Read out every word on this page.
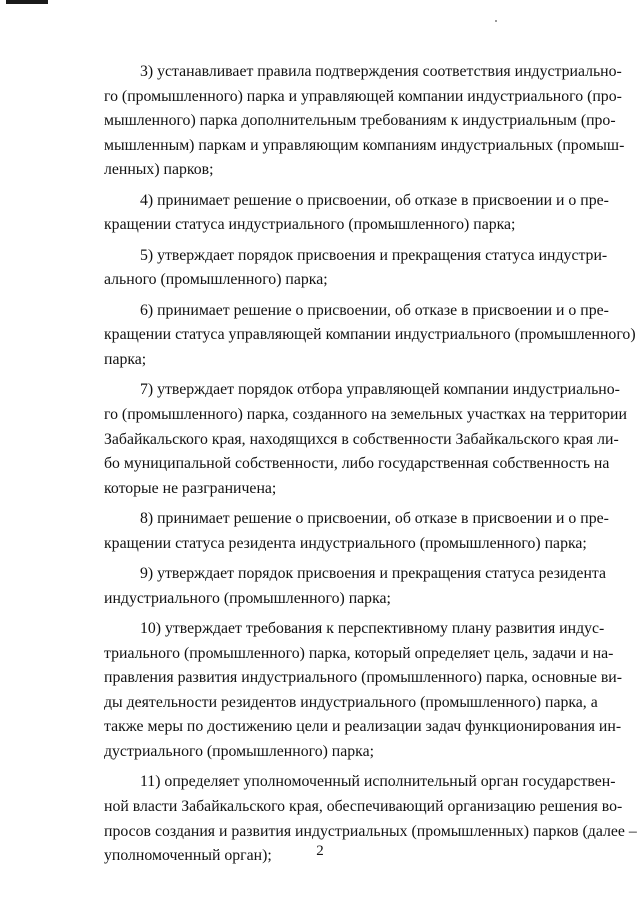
3) устанавливает правила подтверждения соответствия индустриально-
го (промышленного) парка и управляющей компании индустриального (про-
мышленного) парка дополнительным требованиям к индустриальным (про-
мышленным) паркам и управляющим компаниям индустриальных (промыш-
ленных) парков;
4) принимает решение о присвоении, об отказе в присвоении и о пре-
кращении статуса индустриального (промышленного) парка;
5) утверждает порядок присвоения и прекращения статуса индустри-
ального (промышленного) парка;
6) принимает решение о присвоении, об отказе в присвоении и о пре-
кращении статуса управляющей компании индустриального (промышленного)
парка;
7) утверждает порядок отбора управляющей компании индустриально-
го (промышленного) парка, созданного на земельных участках на территории
Забайкальского края, находящихся в собственности Забайкальского края ли-
бо муниципальной собственности, либо государственная собственность на
которые не разграничена;
8) принимает решение о присвоении, об отказе в присвоении и о пре-
кращении статуса резидента индустриального (промышленного) парка;
9) утверждает порядок присвоения и прекращения статуса резидента
индустриального (промышленного) парка;
10) утверждает требования к перспективному плану развития индус-
триального (промышленного) парка, который определяет цель, задачи и на-
правления развития индустриального (промышленного) парка, основные ви-
ды деятельности резидентов индустриального (промышленного) парка, а
также меры по достижению цели и реализации задач функционирования ин-
дустриального (промышленного) парка;
11) определяет уполномоченный исполнительный орган государствен-
ной власти Забайкальского края, обеспечивающий организацию решения во-
просов создания и развития индустриальных (промышленных) парков (далее –
уполномоченный орган);	2
